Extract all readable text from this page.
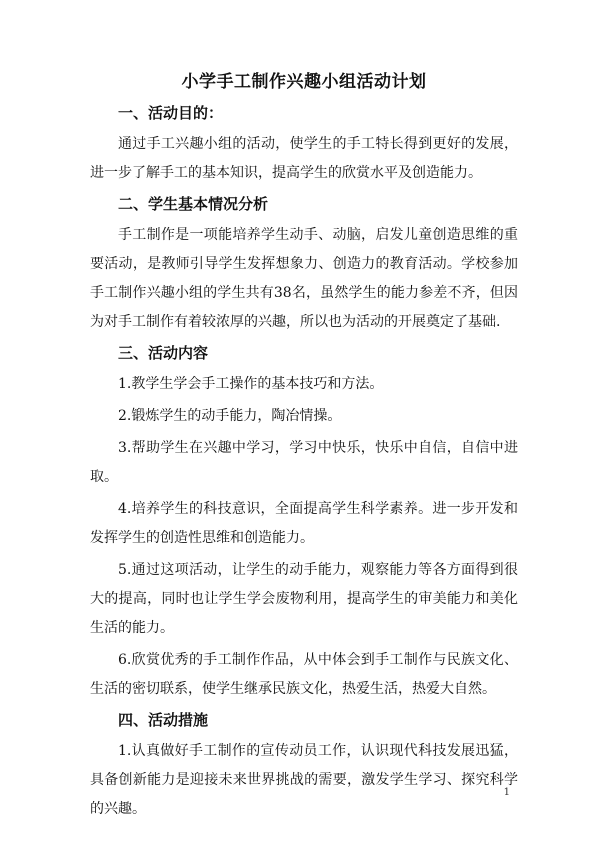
小学手工制作兴趣小组活动计划
一、活动目的：

通过手工兴趣小组的活动，使学生的手工特长得到更好的发展，进一步了解手工的基本知识，提高学生的欣赏水平及创造能力。

二、学生基本情况分析

手工制作是一项能培养学生动手、动脑，启发儿童创造思维的重要活动，是教师引导学生发挥想象力、创造力的教育活动。学校参加手工制作兴趣小组的学生共有38名，虽然学生的能力参差不齐，但因为对手工制作有着较浓厚的兴趣，所以也为活动的开展奠定了基础.

三、活动内容

1.教学生学会手工操作的基本技巧和方法。

2.锻炼学生的动手能力，陶冶情操。

3.帮助学生在兴趣中学习，学习中快乐，快乐中自信，自信中进取。

4.培养学生的科技意识，全面提高学生科学素养。进一步开发和发挥学生的创造性思维和创造能力。

5.通过这项活动，让学生的动手能力，观察能力等各方面得到很大的提高，同时也让学生学会废物利用，提高学生的审美能力和美化生活的能力。

6.欣赏优秀的手工制作作品，从中体会到手工制作与民族文化、生活的密切联系，使学生继承民族文化，热爱生活，热爱大自然。

四、活动措施

1.认真做好手工制作的宣传动员工作，认识现代科技发展迅猛，具备创新能力是迎接未来世界挑战的需要，激发学生学习、探究科学的兴趣。

1
